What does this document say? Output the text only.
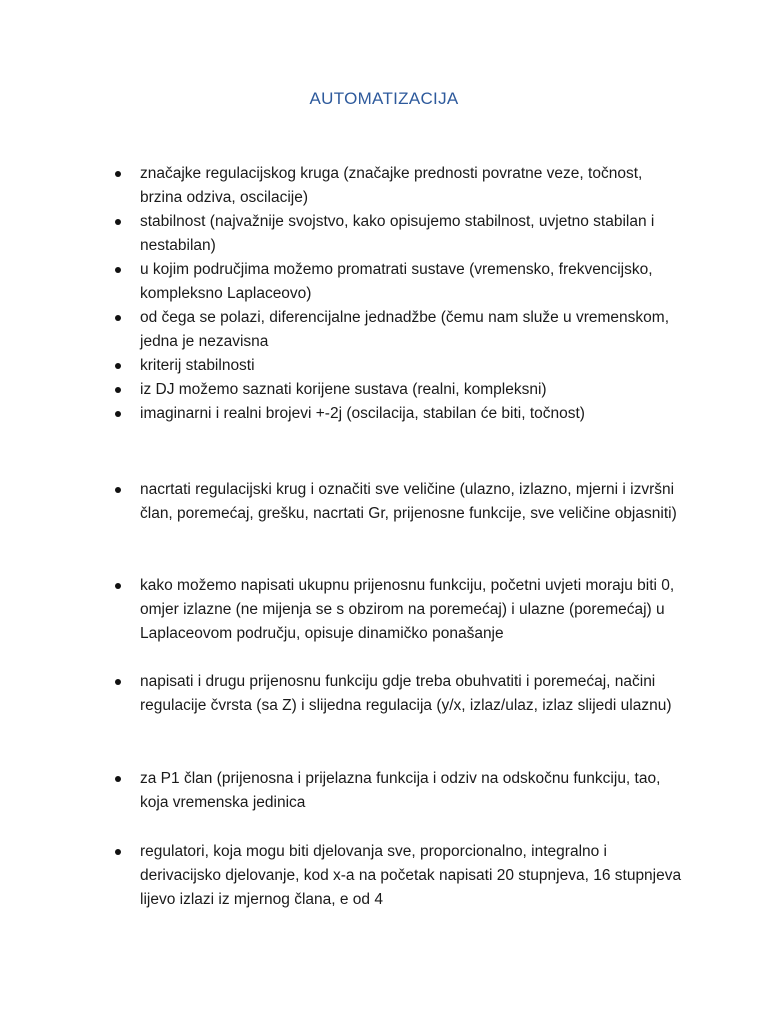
AUTOMATIZACIJA
značajke regulacijskog kruga (značajke prednosti povratne veze, točnost, brzina odziva, oscilacije)
stabilnost (najvažnije svojstvo, kako opisujemo stabilnost, uvjetno stabilan i nestabilan)
u kojim područjima možemo promatrati sustave (vremensko, frekvencijsko, kompleksno Laplaceovo)
od čega se polazi, diferencijalne jednadžbe (čemu nam služe u vremenskom, jedna je nezavisna
kriterij stabilnosti
iz DJ možemo saznati korijene sustava (realni, kompleksni)
imaginarni i realni brojevi +-2j (oscilacija, stabilan će biti, točnost)
nacrtati regulacijski krug i označiti sve veličine (ulazno, izlazno, mjerni i izvršni član, poremećaj, grešku, nacrtati Gr, prijenosne funkcije, sve veličine objasniti)
kako možemo napisati ukupnu prijenosnu funkciju, početni uvjeti moraju biti 0, omjer izlazne (ne mijenja se s obzirom na poremećaj) i ulazne (poremećaj) u Laplaceovom području, opisuje dinamičko ponašanje
napisati i drugu prijenosnu funkciju gdje treba obuhvatiti i poremećaj, načini regulacije čvrsta (sa Z) i slijedna regulacija (y/x, izlaz/ulaz, izlaz slijedi ulaznu)
za P1 član (prijenosna i prijelazna funkcija i odziv na odskočnu funkciju, tao, koja vremenska jedinica
regulatori, koja mogu biti djelovanja sve, proporcionalno, integralno i derivacijsko djelovanje, kod x-a na početak napisati 20 stupnjeva, 16 stupnjeva lijevo izlazi iz mjernog člana, e od 4
